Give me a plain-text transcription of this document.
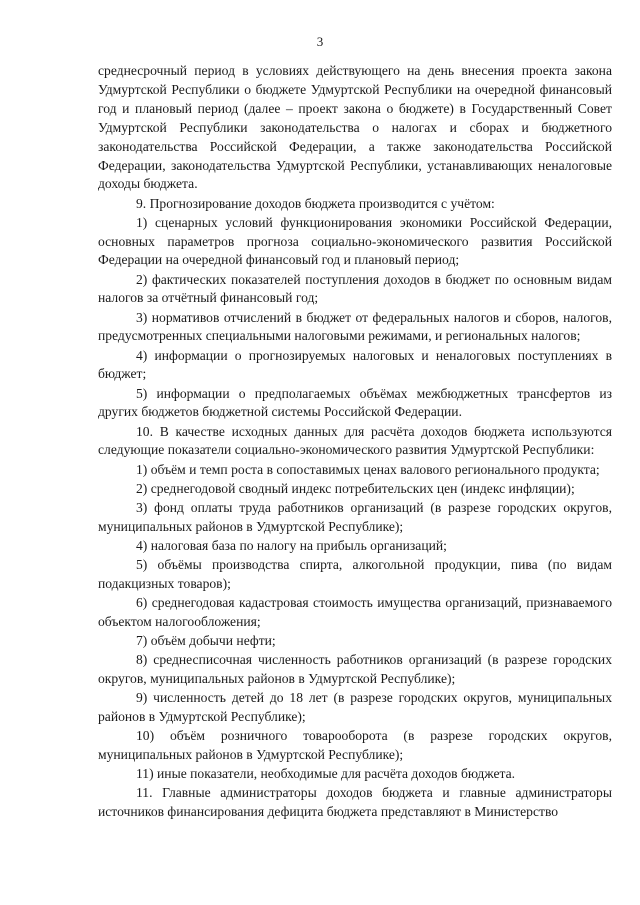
3

среднесрочный период в условиях действующего на день внесения проекта закона Удмуртской Республики о бюджете Удмуртской Республики на очередной финансовый год и плановый период (далее – проект закона о бюджете) в Государственный Совет Удмуртской Республики законодательства о налогах и сборах и бюджетного законодательства Российской Федерации, а также законодательства Российской Федерации, законодательства Удмуртской Республики, устанавливающих неналоговые доходы бюджета.

9. Прогнозирование доходов бюджета производится с учётом:

1) сценарных условий функционирования экономики Российской Федерации, основных параметров прогноза социально-экономического развития Российской Федерации на очередной финансовый год и плановый период;

2) фактических показателей поступления доходов в бюджет по основным видам налогов за отчётный финансовый год;

3) нормативов отчислений в бюджет от федеральных налогов и сборов, налогов, предусмотренных специальными налоговыми режимами, и региональных налогов;

4) информации о прогнозируемых налоговых и неналоговых поступлениях в бюджет;

5) информации о предполагаемых объёмах межбюджетных трансфертов из других бюджетов бюджетной системы Российской Федерации.

10. В качестве исходных данных для расчёта доходов бюджета используются следующие показатели социально-экономического развития Удмуртской Республики:

1) объём и темп роста в сопоставимых ценах валового регионального продукта;

2) среднегодовой сводный индекс потребительских цен (индекс инфляции);

3) фонд оплаты труда работников организаций (в разрезе городских округов, муниципальных районов в Удмуртской Республике);

4) налоговая база по налогу на прибыль организаций;

5) объёмы производства спирта, алкогольной продукции, пива (по видам подакцизных товаров);

6) среднегодовая кадастровая стоимость имущества организаций, признаваемого объектом налогообложения;

7) объём добычи нефти;

8) среднесписочная численность работников организаций (в разрезе городских округов, муниципальных районов в Удмуртской Республике);

9) численность детей до 18 лет (в разрезе городских округов, муниципальных районов в Удмуртской Республике);

10) объём розничного товарооборота (в разрезе городских округов, муниципальных районов в Удмуртской Республике);

11) иные показатели, необходимые для расчёта доходов бюджета.

11. Главные администраторы доходов бюджета и главные администраторы источников финансирования дефицита бюджета представляют в Министерство
